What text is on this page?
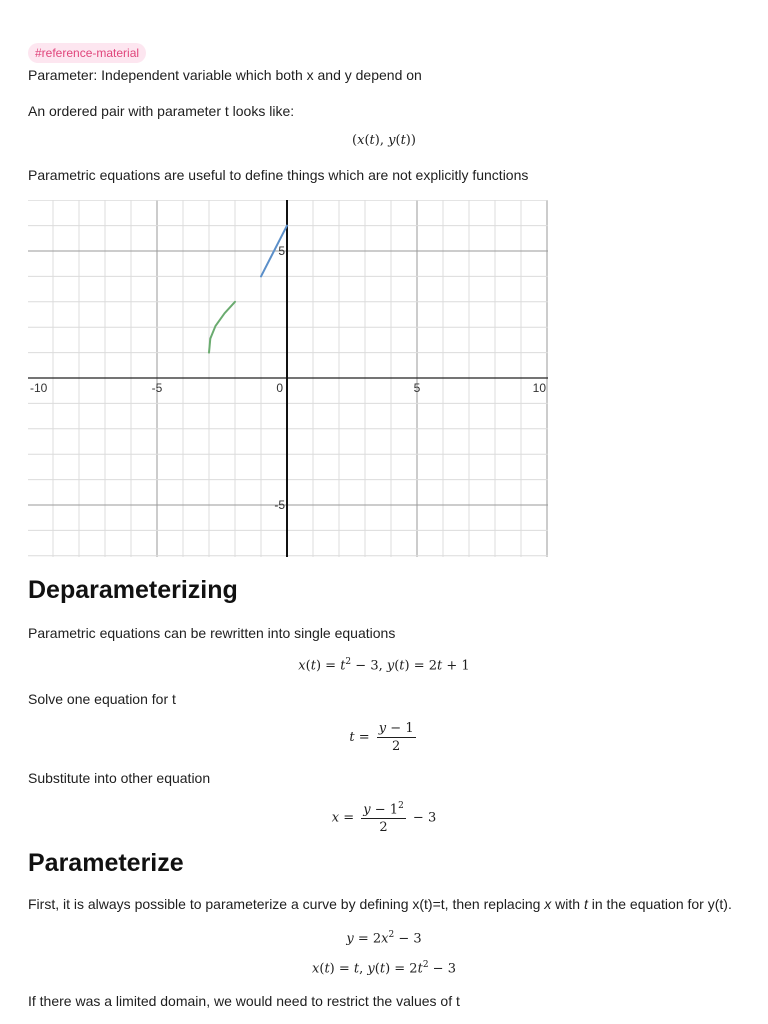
#reference-material
Parameter: Independent variable which both x and y depend on
An ordered pair with parameter t looks like:
(x(t), y(t))
Parametric equations are useful to define things which are not explicitly functions
-10	-5	0	5	10
5
-5
Deparameterizing
Parametric equations can be rewritten into single equations
$x(t) = t^2 - 3$, y(t) = 2t + 1
Solve one equation for t
$t = \frac{y - 1}{2}$
Substitute into other equation
$x = \frac{y - 1^2}{2} - 3$
Parameterize
First, it is always possible to parameterize a curve by defining x(t)=t, then replacing x with t in the equation for y(t).
$y = 2x^2 - 3$
x(t) = t, $y(t) = 2t^2 - 3$
If there was a limited domain, we would need to restrict the values of t
